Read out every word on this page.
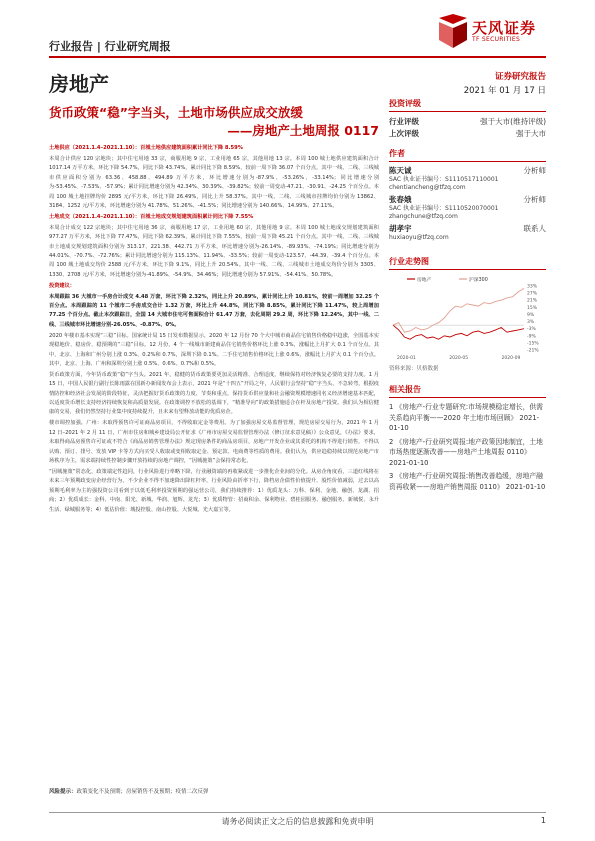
天风证券
TF SECURITIES
行业报告 | 行业研究周报
房地产	证券研究报告
2021 年 01 月 17 日
货币政策“稳”字当头，土地市场供应成交放缓
——房地产土地周报 0117

土地供应（2021.1.4–2021.1.10）：百城土地供应建筑面积累计同比下降 8.59%

本周合计供应 120 宗地块；其中住宅用地 33 宗，商服用地 9 宗，工业用地 65 宗，其他用地 13 宗。本周 100 城土地供应建筑面积合计 1017.14 万平方米，环比下降 54.7%，同比下降 43.74%，累计同比下降 8.59%，较前一周下降 36.07 个百分点，其中一线、二线、三线城市供应面积分别为 63.36、458.88、494.89 万平方米，环比增速分别为-87.9%、-53.26%、-33.14%；同比增速分别为-53.45%、-7.53%、-57.9%；累计同比增速分别为 42.34%、30.39%、-39.82%；较前一周变动-47.21、-30.91、-24.25 个百分点。本周 100 城土地挂牌均价 2895 元/平方米，环比下降 26.49%，同比上升 58.37%。其中一线、二线、三线城市挂牌均价分别为 13862、3184、1252 元/平方米，环比增速分别为 41.78%、51.26%、-41.5%；同比增速分别为 140.66%、14.99%、27.11%。

土地成交（2021.1.4–2021.1.10）：百城土地成交规划建筑面积累计同比下降 7.55%

本周合计成交 122 宗地块；其中住宅用地 36 宗，商服用地 17 宗，工业用地 60 宗，其他用地 9 宗。本周 100 城土地成交规划建筑面积 977.27 万平方米，环比下降 77.47%，同比下降 62.39%，累计同比下降 7.55%，较前一周下降 45.21 个百分点。其中一线、二线、三线城市土地成交规划建筑面积分别为 313.17、221.38、442.71 万平方米，环比增速分别为-26.14%、-89.93%、-74.19%；同比增速分别为 44.01%、-70.7%、-72.76%；累计同比增速分别为 115.13%、11.94%、-33.5%；较前一周变动-123.57、-44.39、-39.4 个百分点。本周 100 城土地成交均价 2588 元/平方米，环比下降 9.1%，同比上升 20.54%。其中一线、二线、三线城市土地成交均价分别为 3305、1330、2708 元/平方米，环比增速分别为-41.89%、-54.9%、34.46%；同比增速分别为 57.91%、-54.41%、50.78%。

投资建议：

本周跟踪 36 大城市一手房合计成交 4.48 万套，环比下降 2.32%，同比上升 20.89%，累计同比上升 10.81%，较前一周增加 32.25 个百分点。本周跟踪的 11 个城市二手房成交合计 1.32 万套，环比上升 44.8%，同比下降 8.85%，累计同比下降 11.47%，较上周增加 77.25 个百分点。截止本次跟踪日，全国 14 大城市住宅可售面积合计 61.47 万套，去化周期 29.2 周，环比下降 12.24%，其中一线、二线、三线城市环比增速分别-26.05%、-0.87%、0%。

2020 年楼市基本实现“三稳”目标。国家统计局 15 日发布数据显示，2020 年 12 月份 70 个大中城市商品住宅销售价格稳中趋涨，全国基本实现稳地价、稳房价、稳预期的“三稳”目标。12 月份，4 个一线城市新建商品住宅销售价格环比上涨 0.3%，涨幅比上月扩大 0.1 个百分点。其中，北京、上海和广州分别上涨 0.3%、0.2%和 0.7%，深圳下降 0.1%。二手住宅销售价格环比上涨 0.6%，涨幅比上月扩大 0.1 个百分点。其中，北京、上海、广州和深圳分别上涨 0.5%、0.6%、0.7%和 0.5%。

货币政策方面，今年货币政策“稳”字当头。2021 年，稳健的货币政策要更加灵活精准、合理适度，继续保持对经济恢复必要的支持力度。1 月 15 日，中国人民银行副行长陈雨露在国新办新闻发布会上表示，2021 年是“十四五”开局之年，人民银行会坚持“稳”字当头、不急转弯，根据疫情防控和经济社会发展的阶段特征，灵活把握好货币政策的力度、节奏和重点，保持货币供应量和社会融资规模增速同名义经济增速基本匹配，以适度货币增长支持经济持续恢复和高质量发展。在政策调控不放松的基调下，“精准导向”的政策措施适合在杆及房地产投资。我们认为相信健康的交易，我们仍然坚持行业集中度持续提升，且未来有望释放动能的优质房企。

楼市调控加强。广州：未取得预售许可证商品房项目，不得收取定金等费用。为了加强房屋交易监督管理，规范房屋交易行为，2021 年 1 月 12 日–2021 年 2 月 11 日，广州市住房和城乡建设局公开征求《广州市房屋交易监督管理办法（修订征求意见稿）》公众意见。《办法》要求，未取得商品房预售许可证或不符合《商品房销售管理办法》规定现房条件的商品房项目，房地产开发企业或其委托的机构不得进行销售，不得以认购、预订、排号、发放 VIP 卡等方式向买受人收取或变相收取定金、预定款、电商费等性质的费用。我们认为，供应趋稳持续以规范房地产市场秩序为主，需求端持续性控制步骤开放持续的房地产调控，“因城施策”会保持常态化。

“因城施策”常态化，政策端定性趋同，行业风险进行率略下降，行业融资端的再收紧或进一步推化企业间的分化。从房企角度看，三道红线将在未来三年预期政变房企经营行为，不少企业不得不加速降出降杠杆率，行业风险由折率下行，降档房企债性价值提升、股性价值减弱，过去以高预期毛利率为主的强投资公司看到于以低毛利率投资预期的强运营公司，我们持续推荐：1）优质龙头：万科、保利、金地、融创、龙湖、招商；2）优质成长：金科、中南、阳光、新城、华润、旭辉、龙光；3）优质物管：招商积余、保利物业、碧桂园服务、融创服务、新城悦、永升生活、绿城服务等；4）低估价值：城投控股、南山控股、大悦城、光大嘉宝等。

风险提示：政策变化不及预期；房屋销售不及预期；疫情二次反弹
投资评级
行业评级	强于大市(维持评级)
上次评级	强于大市
作者
陈天诚	分析师
SAC 执业证书编号：S1110517110001
chentiancheng@tfzq.com
张春娥	分析师
SAC 执业证书编号：S1110520070001
zhangchune@tfzq.com
胡孝宇	联系人
huxiaoyu@tfzq.com
行业走势图
33%
27%
21%
15%
9%
3%
-3%
-9%
-15%
-21%
2020-01	2020-05	2020-09
房地产	沪深300
资料来源：贝格数据
相关报告
1 《房地产-行业专题研究:市场规模稳定增长，供需关系趋向平衡——2020 年土地市场回顾》 2021-01-10
2 《房地产-行业研究周报:地产政策因地制宜，土地市场热度逐渐改善——房地产土地周报 0110》 2021-01-10
3 《房地产-行业研究周报:销售改善趋缓，房地产融资再收紧——房地产销售周报 0110》 2021-01-10
请务必阅读正文之后的信息披露和免责申明	1
